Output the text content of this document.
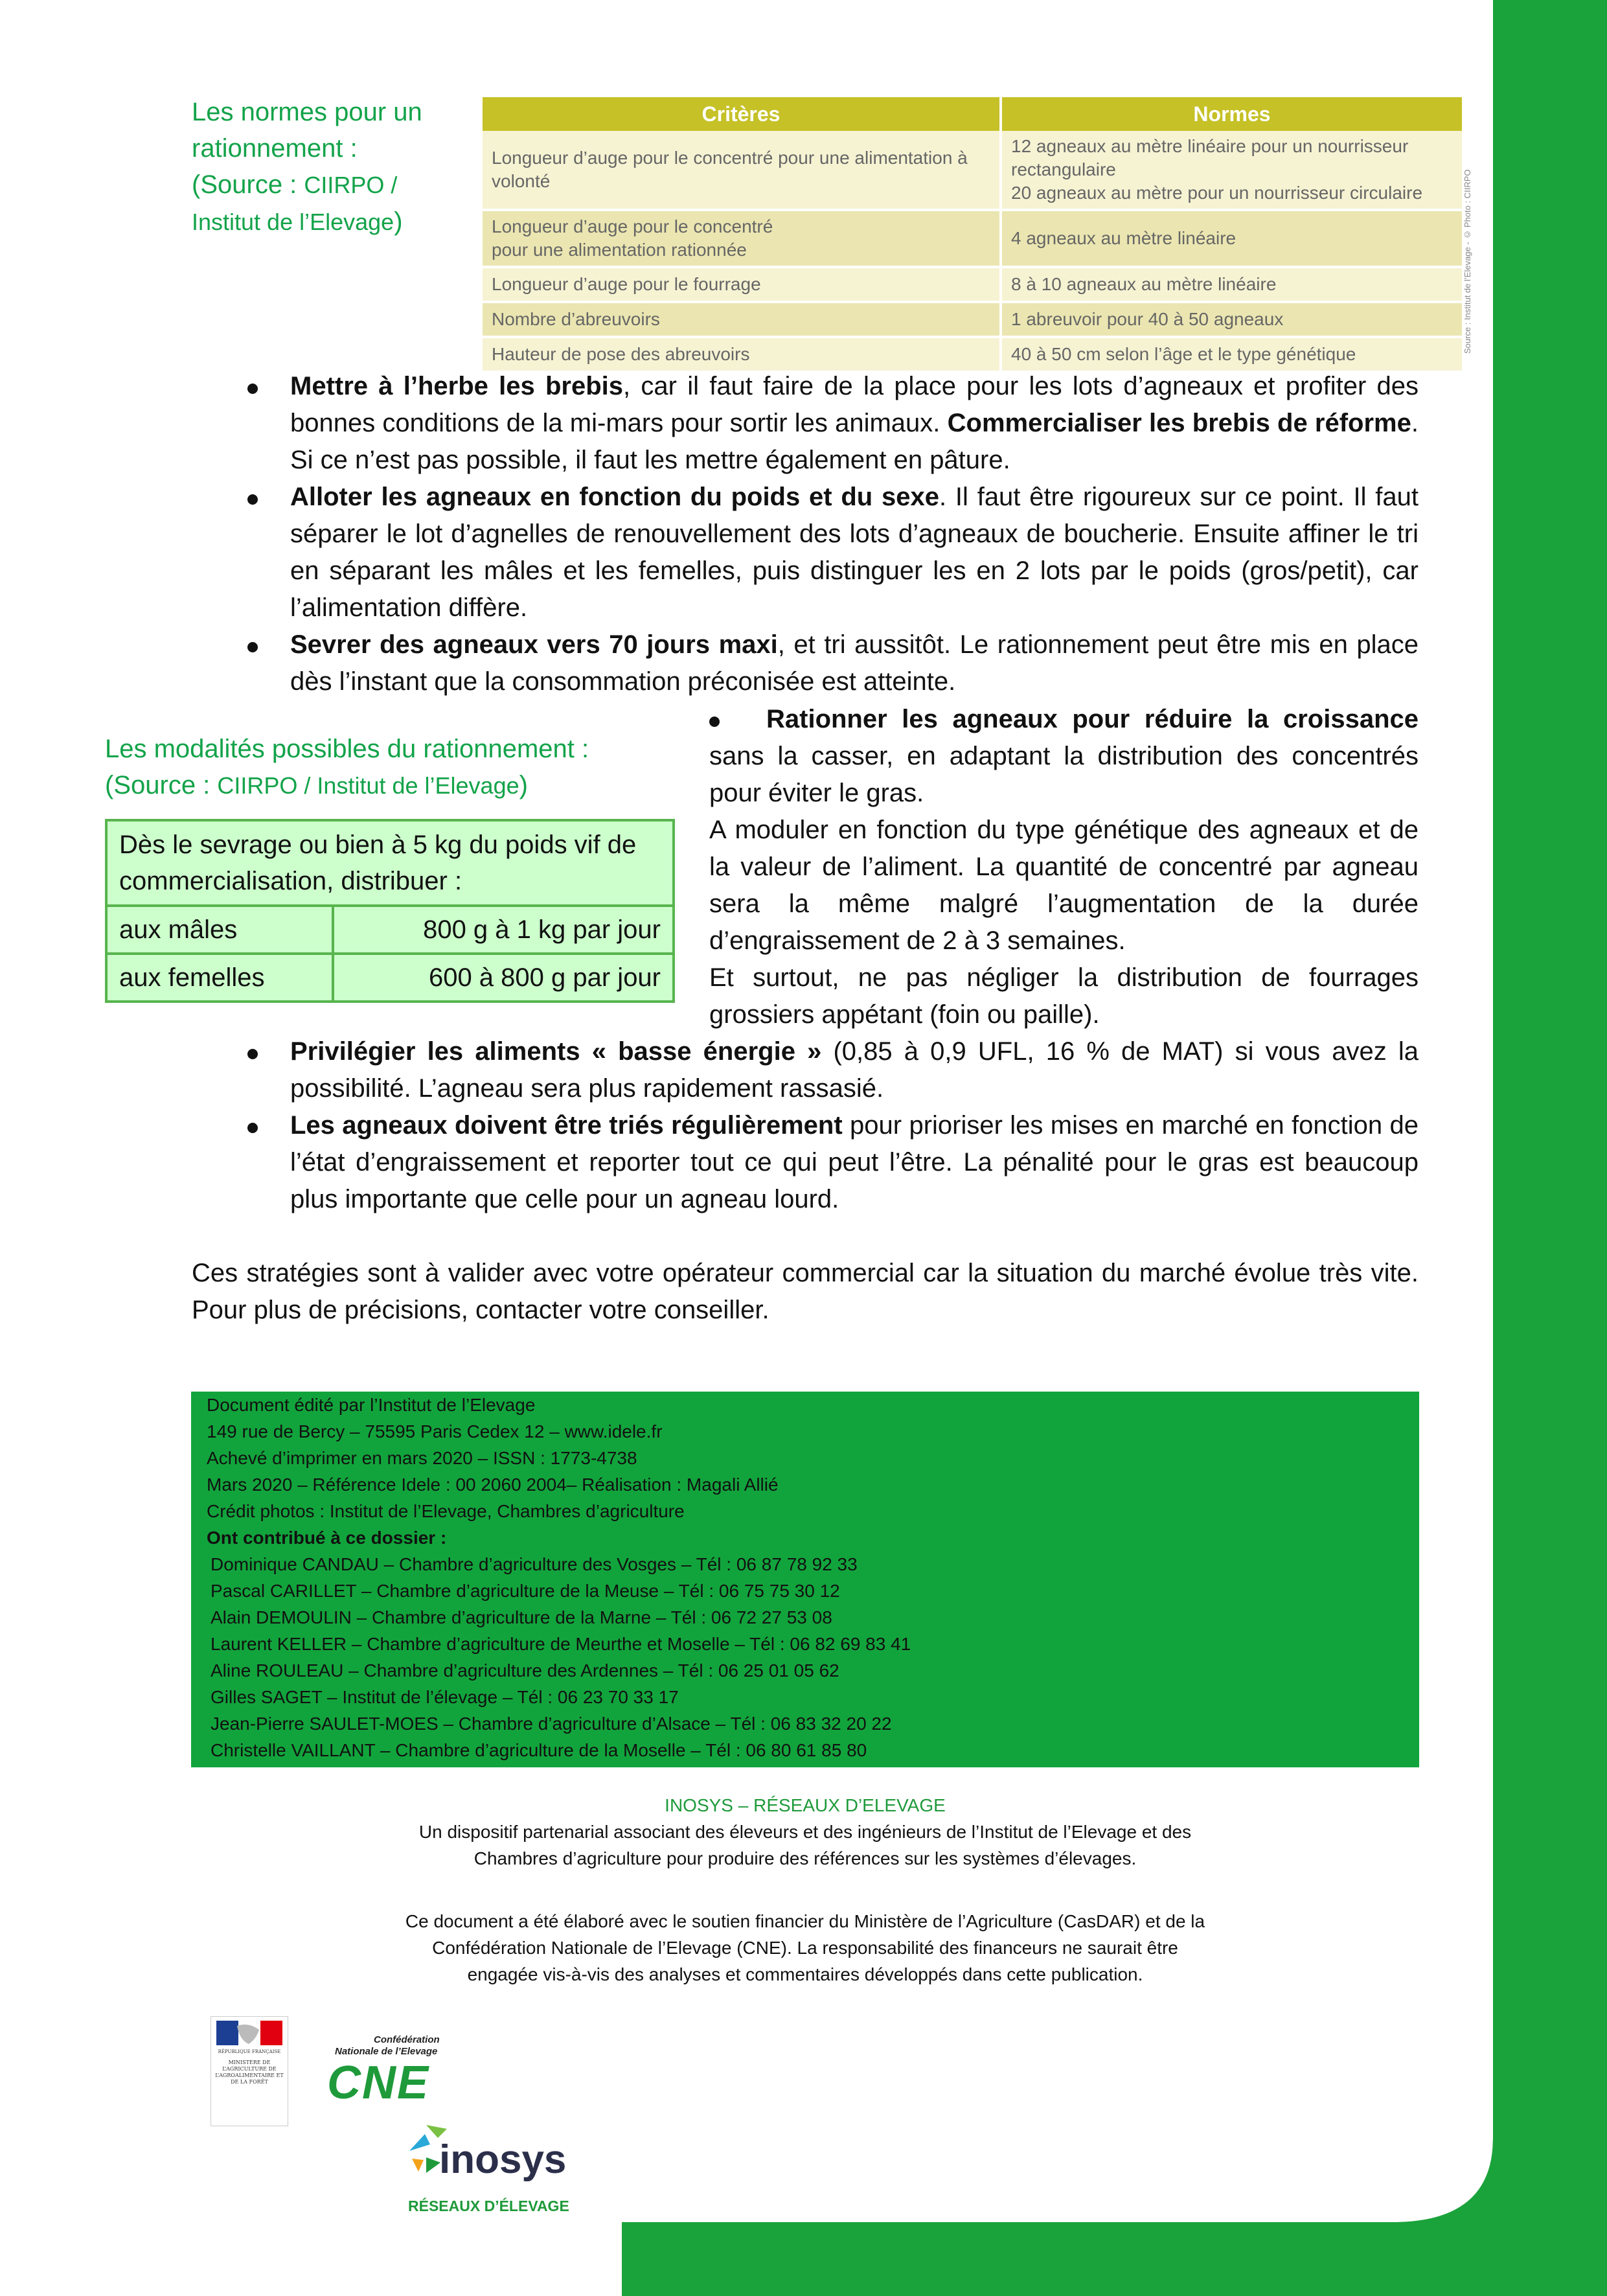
Les normes pour un
rationnement :
(Source : CIIRPO /
Institut de l’Elevage)
Critères	Normes
Longueur d’auge pour le concentré pour une alimentation à volonté	12 agneaux au mètre linéaire pour un nourrisseur rectangulaire
20 agneaux au mètre pour un nourrisseur circulaire
Longueur d’auge pour le concentré
pour une alimentation rationnée	4 agneaux au mètre linéaire
Longueur d’auge pour le fourrage	8 à 10 agneaux au mètre linéaire
Nombre d’abreuvoirs	1 abreuvoir pour 40 à 50 agneaux
Hauteur de pose des abreuvoirs	40 à 50 cm selon l’âge et le type génétique
Source : Institut de l’Elevage - © Photo : CIIRPO
Mettre à l’herbe les brebis, car il faut faire de la place pour les lots d’agneaux et profiter des bonnes conditions de la mi-mars pour sortir les animaux. Commercialiser les brebis de réforme. Si ce n’est pas possible, il faut les mettre également en pâture.
Alloter les agneaux en fonction du poids et du sexe. Il faut être rigoureux sur ce point. Il faut séparer le lot d’agnelles de renouvellement des lots d’agneaux de boucherie. Ensuite affiner le tri en séparant les mâles et les femelles, puis distinguer les en 2 lots par le poids (gros/petit), car l’alimentation diffère.
Sevrer des agneaux vers 70 jours maxi, et tri aussitôt. Le rationnement peut être mis en place dès l’instant que la consommation préconisée est atteinte.
Les modalités possibles du rationnement :
(Source : CIIRPO / Institut de l’Elevage)
Dès le sevrage ou bien à 5 kg du poids vif de commercialisation, distribuer :	
aux mâles	800 g à 1 kg par jour
aux femelles	600 à 800 g par jour
Rationner les agneaux pour réduire la croissance sans la casser, en adaptant la distribution des concentrés pour éviter le gras.
A moduler en fonction du type génétique des agneaux et de la valeur de l’aliment. La quantité de concentré par agneau sera la même malgré l’augmentation de la durée d’engraissement de 2 à 3 semaines.
Et surtout, ne pas négliger la distribution de fourrages grossiers appétant (foin ou paille).
Privilégier les aliments « basse énergie » (0,85 à 0,9 UFL, 16 % de MAT) si vous avez la possibilité. L’agneau sera plus rapidement rassasié.
Les agneaux doivent être triés régulièrement pour prioriser les mises en marché en fonction de l’état d’engraissement et reporter tout ce qui peut l’être. La pénalité pour le gras est beaucoup plus importante que celle pour un agneau lourd.
Ces stratégies sont à valider avec votre opérateur commercial car la situation du marché évolue très vite. Pour plus de précisions, contacter votre conseiller.
Document édité par l’Institut de l’Elevage
149 rue de Bercy – 75595 Paris Cedex 12 – www.idele.fr
Achevé d’imprimer en mars 2020 – ISSN : 1773-4738
Mars 2020 – Référence Idele : 00 2060 2004– Réalisation : Magali Allié
Crédit photos : Institut de l’Elevage, Chambres d’agriculture
Ont contribué à ce dossier :
Dominique CANDAU – Chambre d’agriculture des Vosges – Tél : 06 87 78 92 33
Pascal CARILLET – Chambre d’agriculture de la Meuse – Tél : 06 75 75 30 12
Alain DEMOULIN – Chambre d’agriculture de la Marne – Tél : 06 72 27 53 08
Laurent KELLER – Chambre d’agriculture de Meurthe et Moselle – Tél : 06 82 69 83 41
Aline ROULEAU – Chambre d’agriculture des Ardennes – Tél : 06 25 01 05 62
Gilles SAGET – Institut de l’élevage – Tél : 06 23 70 33 17
Jean-Pierre SAULET-MOES – Chambre d’agriculture d’Alsace – Tél : 06 83 32 20 22
Christelle VAILLANT – Chambre d’agriculture de la Moselle – Tél : 06 80 61 85 80
INOSYS – RÉSEAUX D’ELEVAGE
Un dispositif partenarial associant des éleveurs et des ingénieurs de l’Institut de l’Elevage et des
Chambres d’agriculture pour produire des références sur les systèmes d’élevages.
Ce document a été élaboré avec le soutien financier du Ministère de l’Agriculture (CasDAR) et de la
Confédération Nationale de l’Elevage (CNE). La responsabilité des financeurs ne saurait être
engagée vis-à-vis des analyses et commentaires développés dans cette publication.
RÉPUBLIQUE FRANÇAISE
MINISTÈRE DE L’AGRICULTURE DE L’AGROALIMENTAIRE ET DE LA FORÊT
Confédération
Nationale de l’Elevage
CNE
inosys
RÉSEAUX D’ÉLEVAGE
